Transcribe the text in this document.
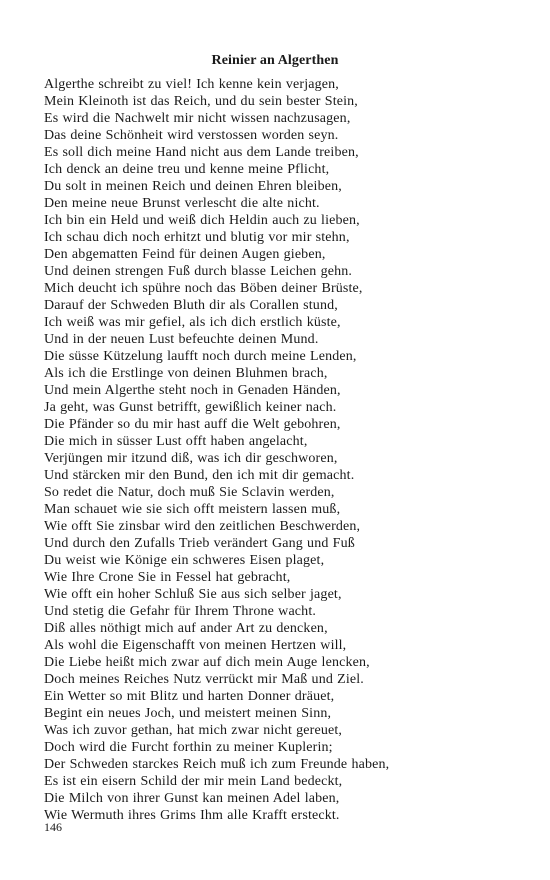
Reinier an Algerthen
Algerthe schreibt zu viel! Ich kenne kein verjagen,
Mein Kleinoth ist das Reich, und du sein bester Stein,
Es wird die Nachwelt mir nicht wissen nachzusagen,
Das deine Schönheit wird verstossen worden seyn.
Es soll dich meine Hand nicht aus dem Lande treiben,
Ich denck an deine treu und kenne meine Pflicht,
Du solt in meinen Reich und deinen Ehren bleiben,
Den meine neue Brunst verlescht die alte nicht.
Ich bin ein Held und weiß dich Heldin auch zu lieben,
Ich schau dich noch erhitzt und blutig vor mir stehn,
Den abgematten Feind für deinen Augen gieben,
Und deinen strengen Fuß durch blasse Leichen gehn.
Mich deucht ich spühre noch das Böben deiner Brüste,
Darauf der Schweden Bluth dir als Corallen stund,
Ich weiß was mir gefiel, als ich dich erstlich küste,
Und in der neuen Lust befeuchte deinen Mund.
Die süsse Kützelung laufft noch durch meine Lenden,
Als ich die Erstlinge von deinen Bluhmen brach,
Und mein Algerthe steht noch in Genaden Händen,
Ja geht, was Gunst betrifft, gewißlich keiner nach.
Die Pfänder so du mir hast auff die Welt gebohren,
Die mich in süsser Lust offt haben angelacht,
Verjüngen mir itzund diß, was ich dir geschworen,
Und stärcken mir den Bund, den ich mit dir gemacht.
So redet die Natur, doch muß Sie Sclavin werden,
Man schauet wie sie sich offt meistern lassen muß,
Wie offt Sie zinsbar wird den zeitlichen Beschwerden,
Und durch den Zufalls Trieb verändert Gang und Fuß
Du weist wie Könige ein schweres Eisen plaget,
Wie Ihre Crone Sie in Fessel hat gebracht,
Wie offt ein hoher Schluß Sie aus sich selber jaget,
Und stetig die Gefahr für Ihrem Throne wacht.
Diß alles nöthigt mich auf ander Art zu dencken,
Als wohl die Eigenschafft von meinen Hertzen will,
Die Liebe heißt mich zwar auf dich mein Auge lencken,
Doch meines Reiches Nutz verrückt mir Maß und Ziel.
Ein Wetter so mit Blitz und harten Donner dräuet,
Begint ein neues Joch, und meistert meinen Sinn,
Was ich zuvor gethan, hat mich zwar nicht gereuet,
Doch wird die Furcht forthin zu meiner Kuplerin;
Der Schweden starckes Reich muß ich zum Freunde haben,
Es ist ein eisern Schild der mir mein Land bedeckt,
Die Milch von ihrer Gunst kan meinen Adel laben,
Wie Wermuth ihres Grims Ihm alle Krafft ersteckt.
146
